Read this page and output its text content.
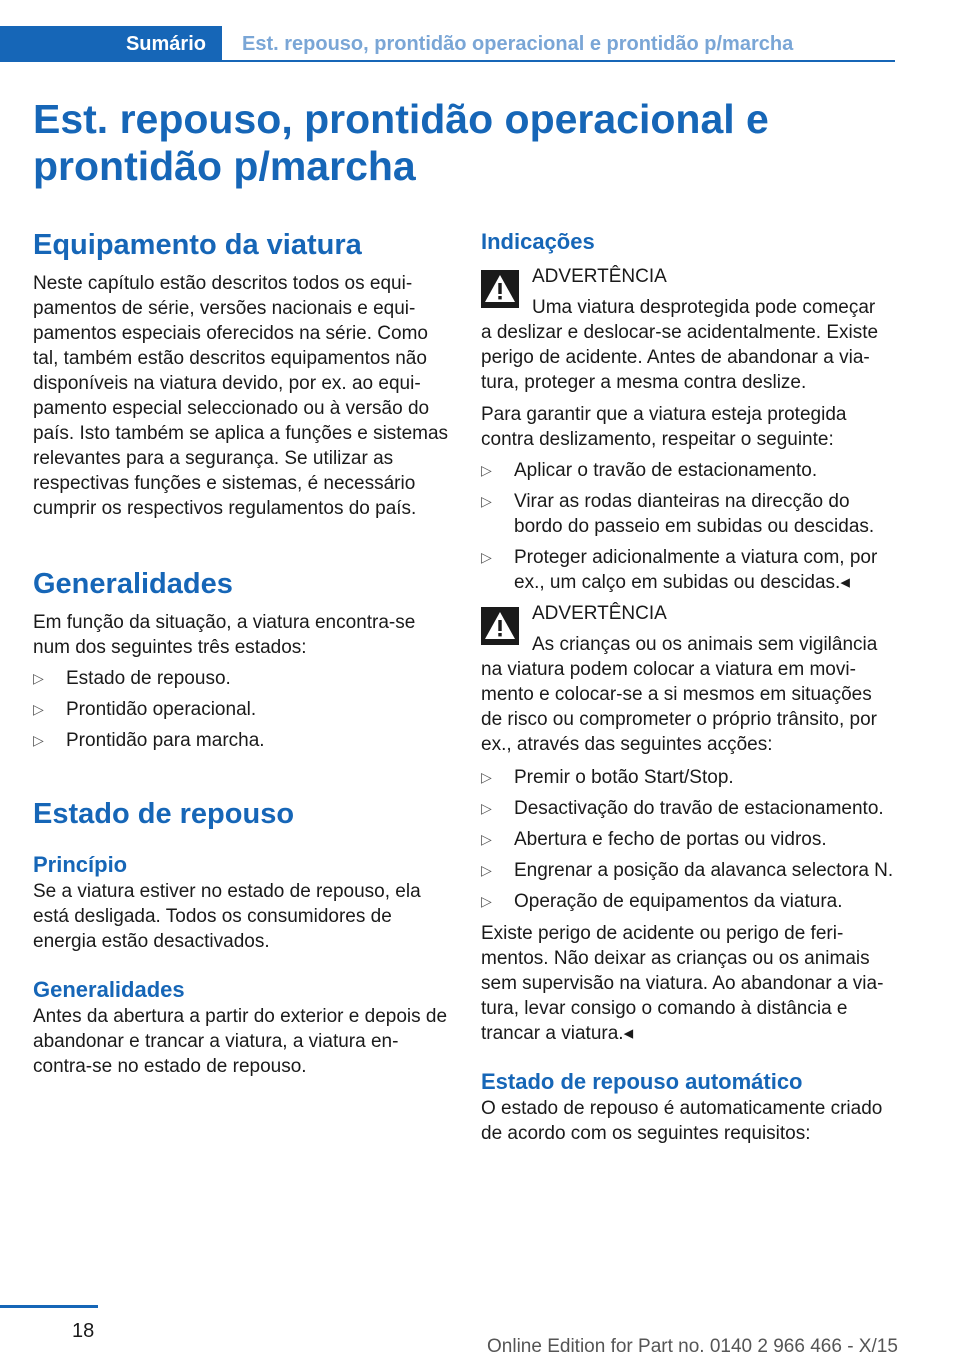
Sumário	Est. repouso, prontidão operacional e prontidão p/marcha
Est. repouso, prontidão operacional e prontidão p/marcha
Equipamento da viatura

Neste capítulo estão descritos todos os equipamentos de série, versões nacionais e equipamentos especiais oferecidos na série. Como tal, também estão descritos equipamentos não disponíveis na viatura devido, por ex. ao equipamento especial seleccionado ou à versão do país. Isto também se aplica a funções e sistemas relevantes para a segurança. Se utilizar as respectivas funções e sistemas, é necessário cumprir os respectivos regulamentos do país.

Generalidades

Em função da situação, a viatura encontra-se num dos seguintes três estados:

▷ Estado de repouso.
▷ Prontidão operacional.
▷ Prontidão para marcha.
Estado de repouso
Princípio

Se a viatura estiver no estado de repouso, ela está desligada. Todos os consumidores de energia estão desactivados.

Generalidades

Antes da abertura a partir do exterior e depois de abandonar e trancar a viatura, a viatura encontra-se no estado de repouso.

Indicações

ADVERTÊNCIA

Uma viatura desprotegida pode começar

a deslizar e deslocar-se acidentalmente. Existe perigo de acidente. Antes de abandonar a viatura, proteger a mesma contra deslize.

Para garantir que a viatura esteja protegida contra deslizamento, respeitar o seguinte:

▷ Aplicar o travão de estacionamento.
▷ Virar as rodas dianteiras na direcção do bordo do passeio em subidas ou descidas.
▷ Proteger adicionalmente a viatura com, por ex., um calço em subidas ou descidas.◂

ADVERTÊNCIA

As crianças ou os animais sem vigilância

na viatura podem colocar a viatura em movimento e colocar-se a si mesmos em situações de risco ou comprometer o próprio trânsito, por ex., através das seguintes acções:

▷ Premir o botão Start/Stop.
▷ Desactivação do travão de estacionamento.
▷ Abertura e fecho de portas ou vidros.
▷ Engrenar a posição da alavanca selectora N.
▷ Operação de equipamentos da viatura.

Existe perigo de acidente ou perigo de ferimentos. Não deixar as crianças ou os animais sem supervisão na viatura. Ao abandonar a viatura, levar consigo o comando à distância e trancar a viatura.◂

Estado de repouso automático

O estado de repouso é automaticamente criado de acordo com os seguintes requisitos:

18
Online Edition for Part no. 0140 2 966 466 - X/15
